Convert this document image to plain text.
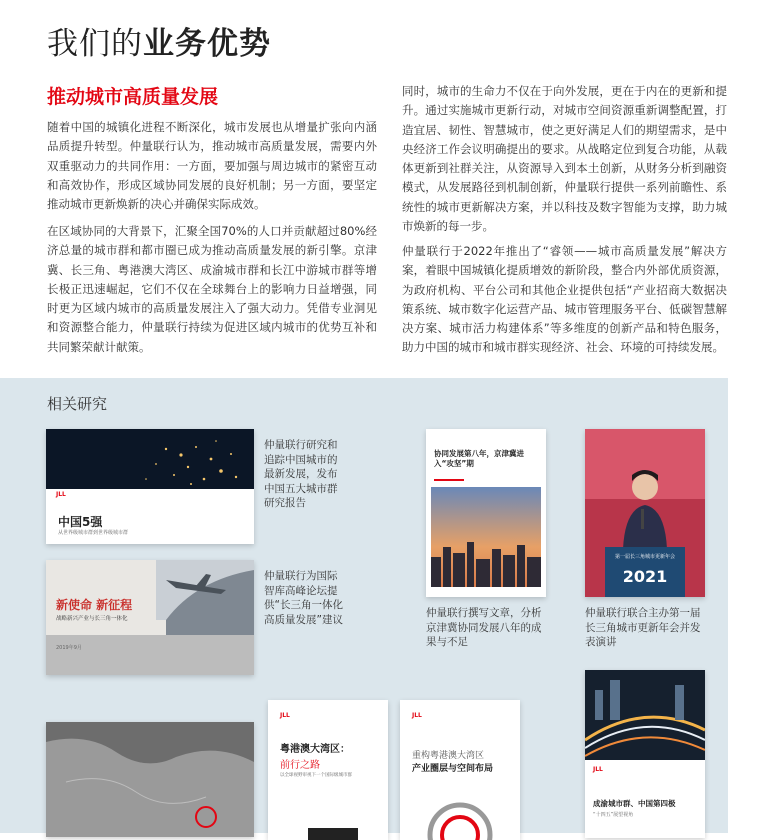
我们的业务优势
推动城市高质量发展

随着中国的城镇化进程不断深化，城市发展也从增量扩张向内涵品质提升转型。仲量联行认为，推动城市高质量发展，需要内外双重驱动力的共同作用：一方面，要加强与周边城市的紧密互动和高效协作，形成区域协同发展的良好机制；另一方面，要坚定推动城市更新焕新的决心并确保实际成效。

在区域协同的大背景下，汇聚全国70%的人口并贡献超过80%经济总量的城市群和都市圈已成为推动高质量发展的新引擎。京津冀、长三角、粤港澳大湾区、成渝城市群和长江中游城市群等增长极正迅速崛起，它们不仅在全球舞台上的影响力日益增强，同时更为区域内城市的高质量发展注入了强大动力。凭借专业洞见和资源整合能力，仲量联行持续为促进区域内城市的优势互补和共同繁荣献计献策。

同时，城市的生命力不仅在于向外发展，更在于内在的更新和提升。通过实施城市更新行动，对城市空间资源重新调整配置，打造宜居、韧性、智慧城市，使之更好满足人们的期望需求，是中央经济工作会议明确提出的要求。从战略定位到复合功能，从载体更新到社群关注，从资源导入到本土创新，从财务分析到融资模式，从发展路径到机制创新，仲量联行提供一系列前瞻性、系统性的城市更新解决方案，并以科技及数字智能为支撑，助力城市焕新的每一步。

仲量联行于2022年推出了“睿领——城市高质量发展”解决方案，着眼中国城镇化提质增效的新阶段，整合内外部优质资源，为政府机构、平台公司和其他企业提供包括“产业招商大数据决策系统、城市数字化运营产品、城市管理服务平台、低碳智慧解决方案、城市活力构建体系”等多维度的创新产品和特色服务，助力中国的城市和城市群实现经济、社会、环境的可持续发展。

相关研究
JLL
中国5强
从世界级城市群到世界级城市群
仲量联行研究和追踪中国城市的最新发展，发布中国五大城市群研究报告
新使命 新征程
战略新兴产业与长三角一体化
2019年9月
仲量联行为国际智库高峰论坛提供“长三角一体化高质量发展”建议
协同发展第八年，京津冀进入“攻坚”期
仲量联行撰写文章，分析京津冀协同发展八年的成果与不足
第一届长三角城市更新年会
2021
仲量联行联合主办第一届长三角城市更新年会并发表演讲
JLL
粤港澳大湾区：
前行之路
以全球视野审视下一个国际级城市群
JLL
重构粤港澳大湾区
产业圈层与空间布局	JLL
成渝城市群、中国第四极
“十四五”展望视角
